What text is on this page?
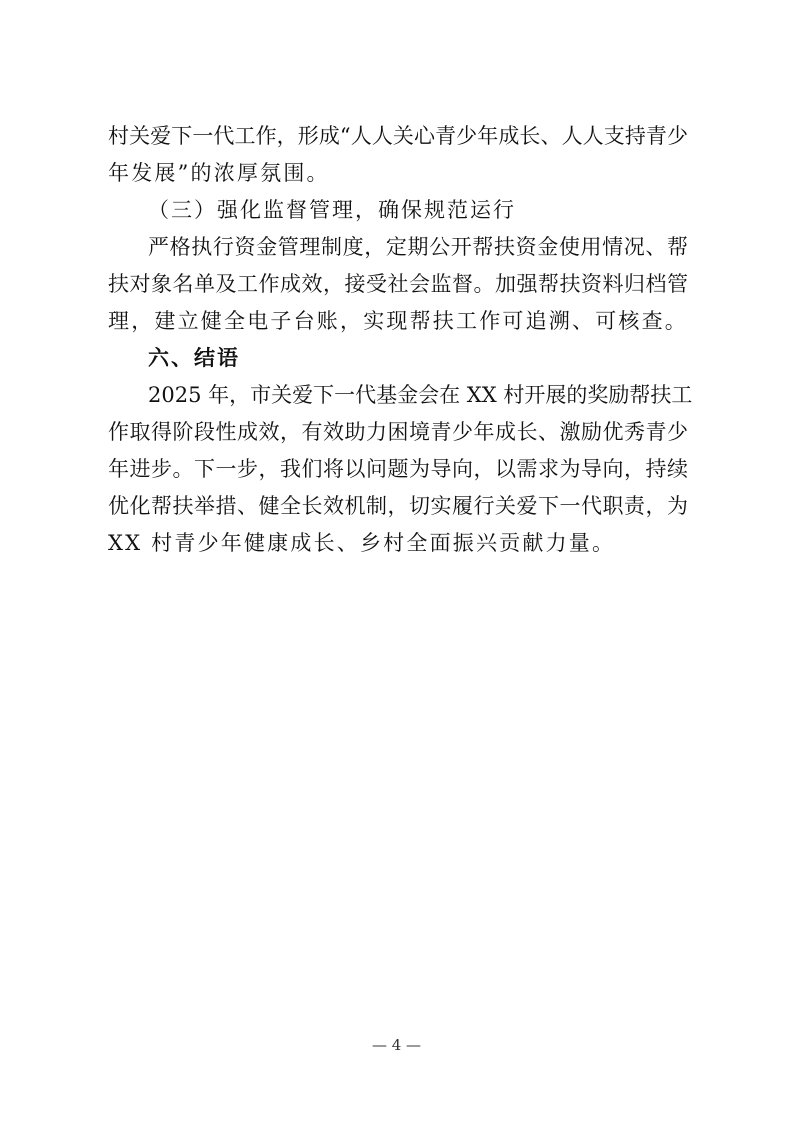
村关爱下一代工作，形成“人人关心青少年成长、人人支持青少
年发展”的浓厚氛围。
（三）强化监督管理，确保规范运行
严格执行资金管理制度，定期公开帮扶资金使用情况、帮
扶对象名单及工作成效，接受社会监督。加强帮扶资料归档管
理，建立健全电子台账，实现帮扶工作可追溯、可核查。
六、结语
2025 年，市关爱下一代基金会在 XX 村开展的奖励帮扶工
作取得阶段性成效，有效助力困境青少年成长、激励优秀青少
年进步。下一步，我们将以问题为导向，以需求为导向，持续
优化帮扶举措、健全长效机制，切实履行关爱下一代职责，为
XX 村青少年健康成长、乡村全面振兴贡献力量。
— 4 —
